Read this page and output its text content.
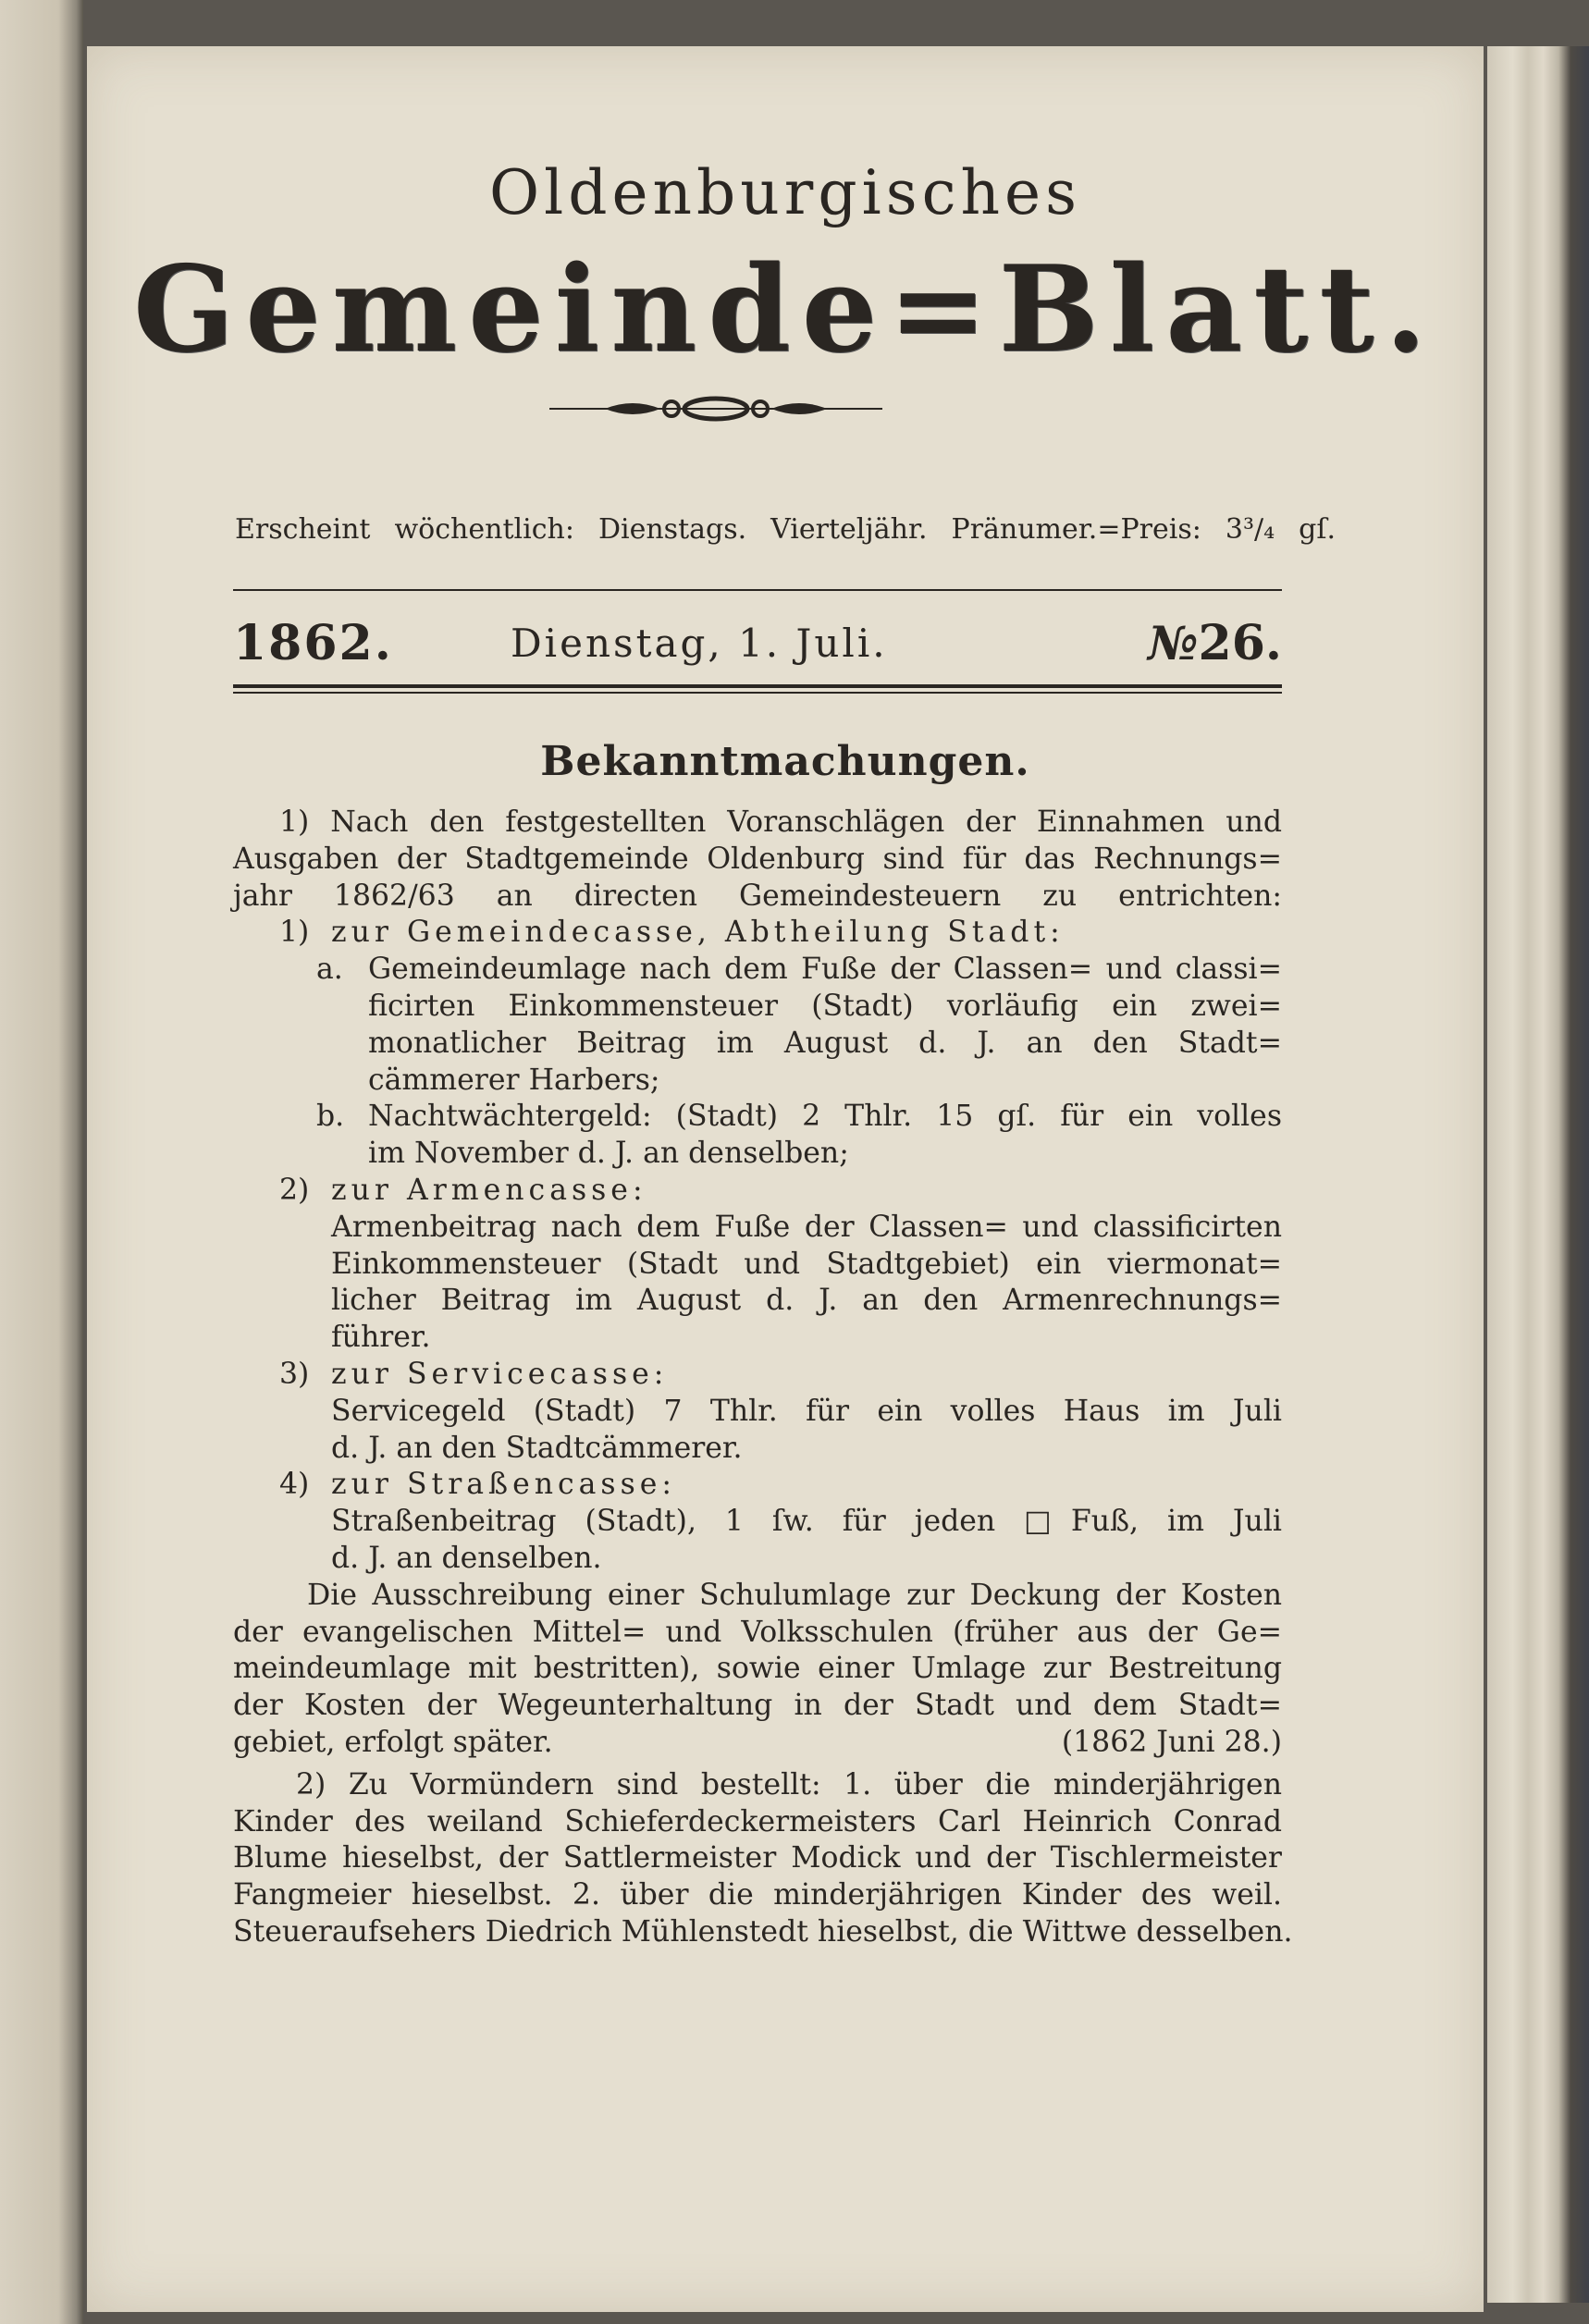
Oldenburgisches
Gemeinde=Blatt.
Erscheint wöchentlich: Dienstags. Vierteljähr. Pränumer.=Preis: 3³/₄ gſ.
1862.	Dienstag, 1. Juli.	№26.
Bekanntmachungen.
1) Nach den festgestellten Voranschlägen der Einnahmen und
Ausgaben der Stadtgemeinde Oldenburg sind für das Rechnungs=
jahr 1862/63 an directen Gemeindesteuern zu entrichten:
1) zur Gemeindecasse, Abtheilung Stadt:
a. Gemeindeumlage nach dem Fuße der Classen= und classi=
ficirten Einkommensteuer (Stadt) vorläufig ein zwei=
monatlicher Beitrag im August d. J. an den Stadt=
cämmerer Harbers;
b. Nachtwächtergeld: (Stadt) 2 Thlr. 15 gſ. für ein volles
im November d. J. an denselben;
2) zur Armencasse:
Armenbeitrag nach dem Fuße der Classen= und classificirten
Einkommensteuer (Stadt und Stadtgebiet) ein viermonat=
licher Beitrag im August d. J. an den Armenrechnungs=
führer.
3) zur Servicecasse:
Servicegeld (Stadt) 7 Thlr. für ein volles Haus im Juli
d. J. an den Stadtcämmerer.
4) zur Straßencasse:
Straßenbeitrag (Stadt), 1 ſw. für jeden □Fuß, im Juli
d. J. an denselben.
Die Ausschreibung einer Schulumlage zur Deckung der Kosten
der evangelischen Mittel= und Volksschulen (früher aus der Ge=
meindeumlage mit bestritten), sowie einer Umlage zur Bestreitung
der Kosten der Wegeunterhaltung in der Stadt und dem Stadt=
gebiet, erfolgt später.	(1862 Juni 28.)
2) Zu Vormündern sind bestellt: 1. über die minderjährigen
Kinder des weiland Schieferdeckermeisters Carl Heinrich Conrad
Blume hieselbst, der Sattlermeister Modick und der Tischlermeister
Fangmeier hieselbst. 2. über die minderjährigen Kinder des weil.
Steueraufsehers Diedrich Mühlenstedt hieselbst, die Wittwe desselben.
